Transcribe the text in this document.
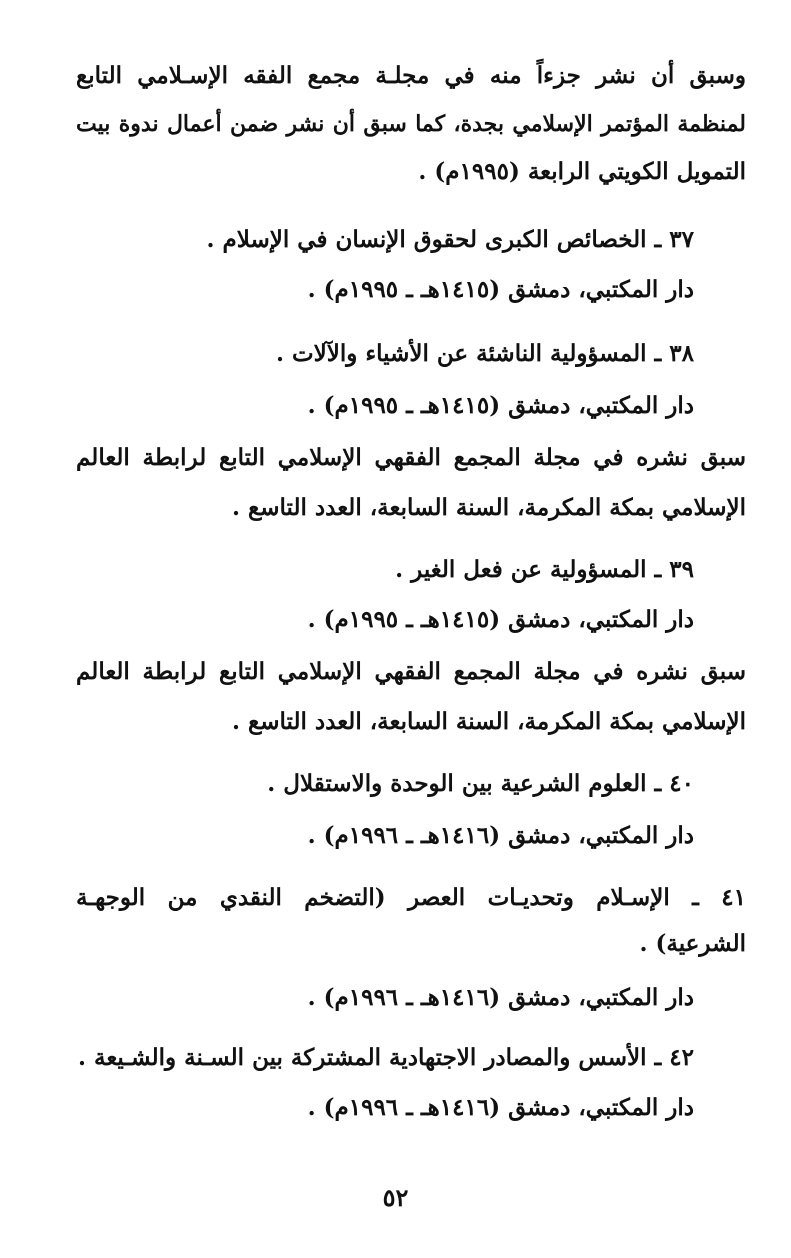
وسبق أن نشر جزءاً منه في مجلـة مجمع الفقه الإسـلامي التابع
لمنظمة المؤتمر الإسلامي بجدة، كما سبق أن نشر ضمن أعمال ندوة بيت
التمويل الكويتي الرابعة (١٩٩٥م) .
٣٧ ـ الخصائص الكبرى لحقوق الإنسان في الإسلام .
دار المكتبي، دمشق (١٤١٥هـ ـ ١٩٩٥م) .
٣٨ ـ المسؤولية الناشئة عن الأشياء والآلات .
دار المكتبي، دمشق (١٤١٥هـ ـ ١٩٩٥م) .
سبق نشره في مجلة المجمع الفقهي الإسلامي التابع لرابطة العالم
الإسلامي بمكة المكرمة، السنة السابعة، العدد التاسع .
٣٩ ـ المسؤولية عن فعل الغير .
دار المكتبي، دمشق (١٤١٥هـ ـ ١٩٩٥م) .
سبق نشره في مجلة المجمع الفقهي الإسلامي التابع لرابطة العالم
الإسلامي بمكة المكرمة، السنة السابعة، العدد التاسع .
٤٠ ـ العلوم الشرعية بين الوحدة والاستقلال .
دار المكتبي، دمشق (١٤١٦هـ ـ ١٩٩٦م) .
٤١ ـ الإسـلام وتحديـات العصر (التضخم النقدي من الوجهـة
الشرعية) .
دار المكتبي، دمشق (١٤١٦هـ ـ ١٩٩٦م) .
٤٢ ـ الأسس والمصادر الاجتهادية المشتركة بين السـنة والشـيعة .
دار المكتبي، دمشق (١٤١٦هـ ـ ١٩٩٦م) .
٥٢
